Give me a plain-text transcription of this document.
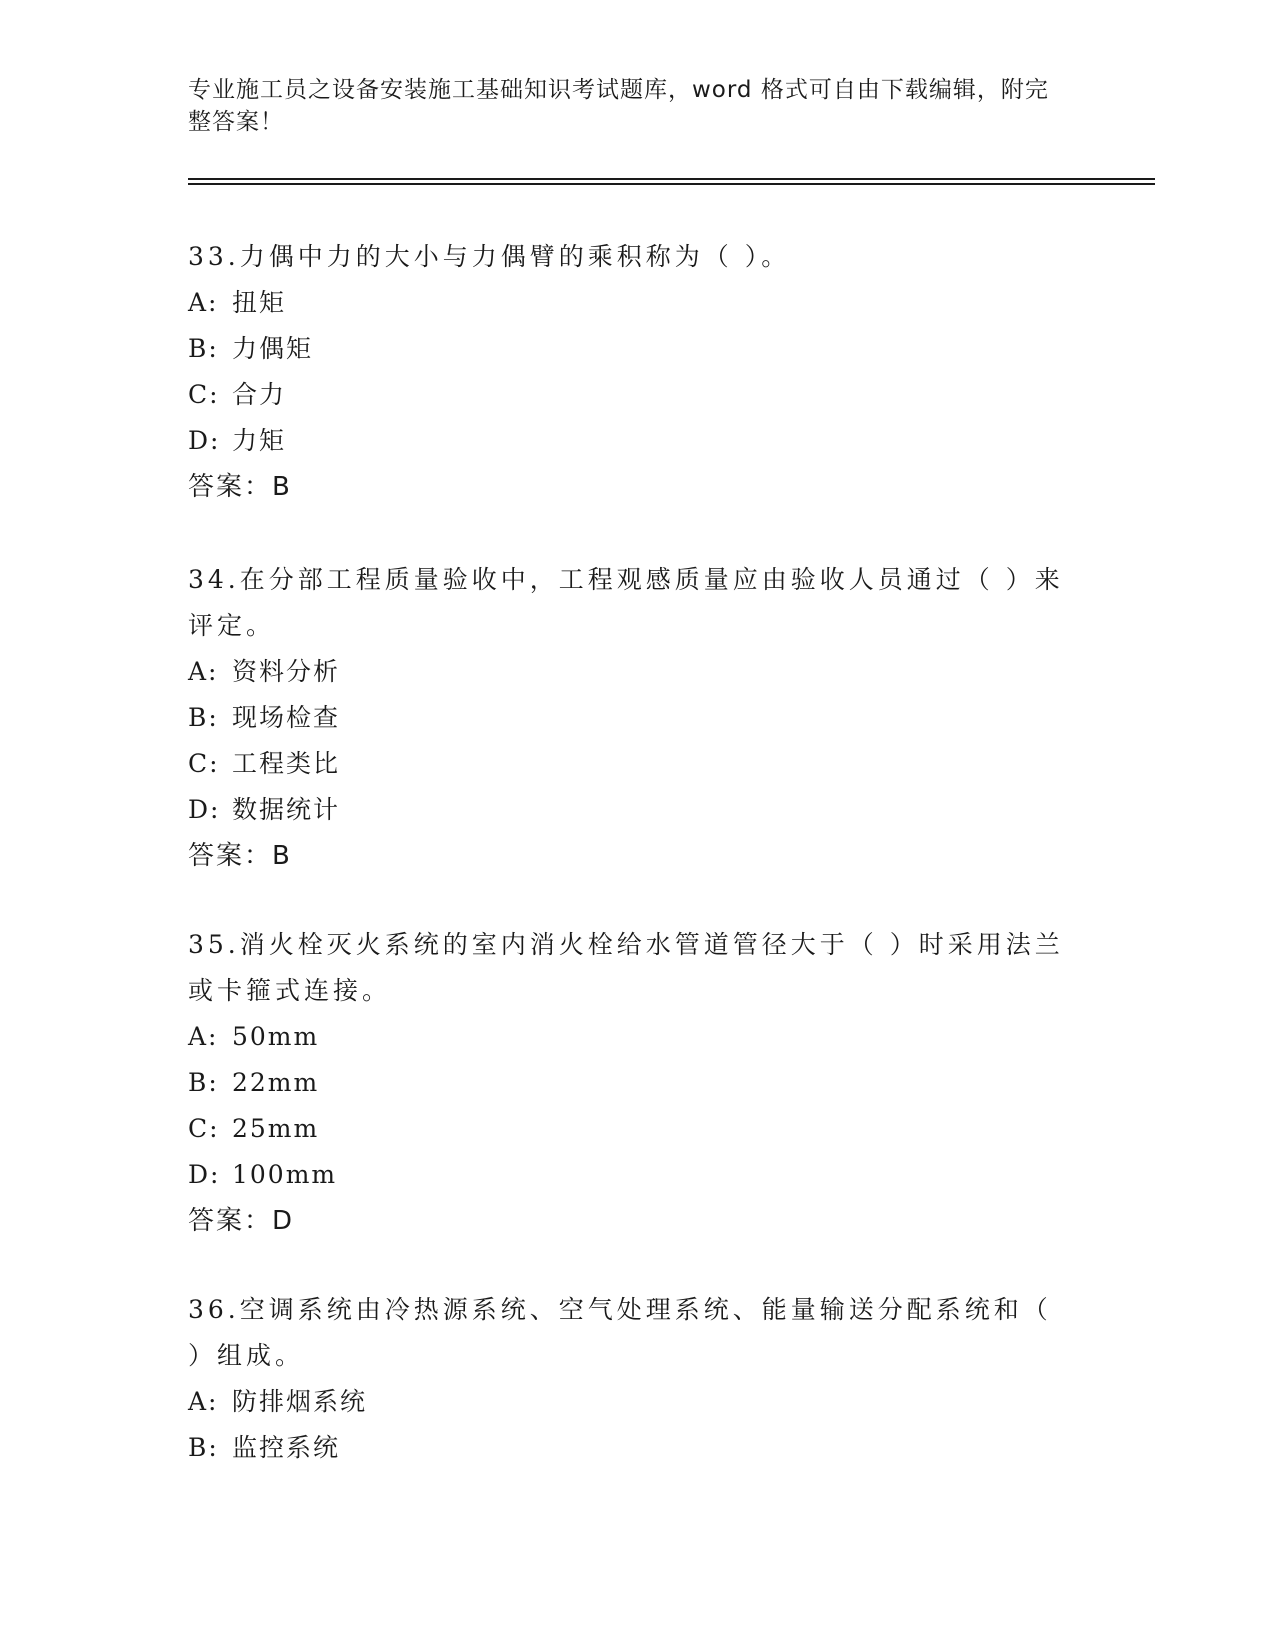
专业施工员之设备安装施工基础知识考试题库，word 格式可自由下载编辑，附完整答案！

33.力偶中力的大小与力偶臂的乘积称为（ ）。

A: 扭矩

B: 力偶矩

C: 合力

D: 力矩

答案：B

34.在分部工程质量验收中，工程观感质量应由验收人员通过（ ）来评定。

A: 资料分析

B: 现场检查

C: 工程类比

D: 数据统计

答案：B

35.消火栓灭火系统的室内消火栓给水管道管径大于（ ）时采用法兰或卡箍式连接。

A: 50mm

B: 22mm

C: 25mm

D: 100mm

答案：D

36.空调系统由冷热源系统、空气处理系统、能量输送分配系统和（ ）组成。

A: 防排烟系统

B: 监控系统
